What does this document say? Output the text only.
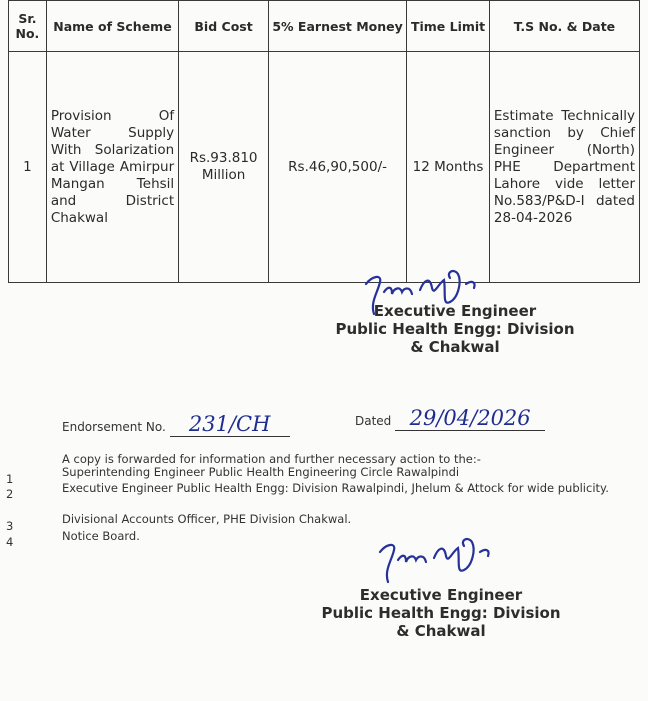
Sr. No.	Name of Scheme	Bid Cost	5% Earnest Money	Time Limit	T.S No. & Date
1	Provision Of Water Supply With Solarization at Village Amirpur Mangan Tehsil and District Chakwal	Rs.93.810 Million	Rs.46,90,500/-	12 Months	Estimate Technically sanction by Chief Engineer (North) PHE Department Lahore vide letter No.583/P&D-I dated 28-04-2026
Executive Engineer
Public Health Engg: Division
& Chakwal
Endorsement No. 231/CH	Dated 29/04/2026
A copy is forwarded for information and further necessary action to the:-
1	Superintending Engineer Public Health Engineering Circle Rawalpindi
2	Executive Engineer Public Health Engg: Division Rawalpindi, Jhelum & Attock for wide publicity.
3	Divisional Accounts Officer, PHE Division Chakwal.
4	Notice Board.
Executive Engineer
Public Health Engg: Division
& Chakwal
